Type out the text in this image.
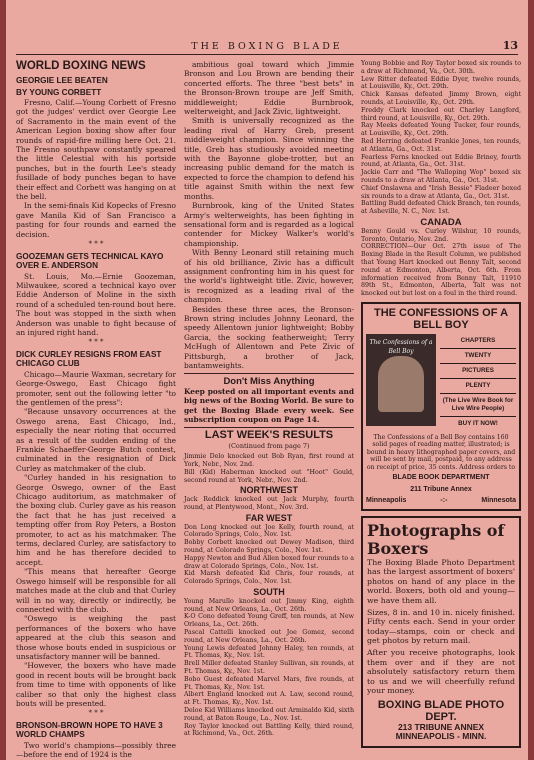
THE BOXING BLADE	13
WORLD BOXING NEWS
GEORGIE LEE BEATEN
BY YOUNG CORBETT

Fresno, Calif.—Young Corbett of Fresno got the judges' verdict over Georgie Lee of Sacramento in the main event of the American Legion boxing show after four rounds of rapid-fire milling here Oct. 21. The Fresno southpaw constantly speared the little Celestial with his portside punches, but in the fourth Lee's steady fusillade of body punches began to have their effect and Corbett was hanging on at the bell.

In the semi-finals Kid Kopecks of Fresno gave Manila Kid of San Francisco a pasting for four rounds and earned the decision.

* * *
GOOZEMAN GETS TECHNICAL KAYO OVER E. ANDERSON

St. Louis, Mo.—Ernie Goozeman, Milwaukee, scored a technical kayo over Eddie Anderson of Moline in the sixth round of a scheduled ten-round bout here. The bout was stopped in the sixth when Anderson was unable to fight because of an injured right hand.

* * *
DICK CURLEY RESIGNS FROM EAST CHICAGO CLUB

Chicago—Maurie Waxman, secretary for George-Oswego, East Chicago fight promoter, sent out the following letter "to the gentlemen of the press":

"Because unsavory occurrences at the Oswego arena, East Chicago, Ind., especially the near rioting that occurred as a result of the sudden ending of the Frankie Schaeffer-George Butch contest, culminated in the resignation of Dick Curley as matchmaker of the club.

"Curley handed in his resignation to George Oswego, owner of the East Chicago auditorium, as matchmaker of the boxing club. Curley gave as his reason the fact that he has just received a tempting offer from Roy Peters, a Boston promoter, to act as his matchmaker. The terms, declared Curley, are satisfactory to him and he has therefore decided to accept.

"This means that hereafter George Oswego himself will be responsible for all matches made at the club and that Curley will in no way, directly or indirectly, be connected with the club.

"Oswego is weighing the past performances of the boxers who have appeared at the club this season and those whose bouts ended in suspicious or unsatisfactory manner will be banned.

"However, the boxers who have made good in recent bouts will be brought back from time to time with opponents of like caliber so that only the highest class bouts will be presented.

* * *
BRONSON-BROWN HOPE TO HAVE 3 WORLD CHAMPS

Two world's champions—possibly three—before the end of 1924 is the

ambitious goal toward which Jimmie Bronson and Lou Brown are bending their concerted efforts. The three "best bets" in the Bronson-Brown troupe are Jeff Smith, middleweight; Eddie Burnbrook, welterweight, and Jack Zivic, lightweight.

Smith is universally recognized as the leading rival of Harry Greb, present middleweight champion. Since winning the title, Greb has studiously avoided meeting with the Bayonne globe-trotter, but an increasing public demand for the match is expected to force the champion to defend his title against Smith within the next few months.

Burnbrook, king of the United States Army's welterweights, has been fighting in sensational form and is regarded as a logical contender for Mickey Walker's world's championship.

With Benny Leonard still retaining much of his old brilliance, Zivic has a difficult assignment confronting him in his quest for the world's lightweight title. Zivic, however, is recognized as a leading rival of the champion.

Besides these three aces, the Bronson-Brown string includes Johnny Leonard, the speedy Allentown junior lightweight; Bobby Garcia, the socking featherweight; Terry McHugh of Allentown and Pete Zivic of Pittsburgh, a brother of Jack, bantamweights.

Don't Miss Anything

Keep posted on all important events and big news of the Boxing World. Be sure to get the Boxing Blade every week. See subscription coupon on Page 14.

LAST WEEK'S RESULTS
(Continued from page 7)

Jimmie Delo knocked out Bob Ryan, first round at York, Nebr., Nov. 2nd.

Bill (Kid) Haberman knocked out "Hoot" Gould, second round at York, Nebr., Nov. 2nd.

NORTHWEST

Jack Reddick knocked out Jack Murphy, fourth round, at Plentywood, Mont., Nov. 3rd.

FAR WEST

Don Long knocked out Joe Kelly, fourth round, at Colorado Springs, Colo., Nov. 1st.

Bobby Corbett knocked out Dewey Madison, third round, at Colorado Springs, Colo., Nov. 1st.

Happy Newton and Bud Allen boxed four rounds to a draw at Colorado Springs, Colo., Nov. 1st.

Kid Marsh defeated Kid Chris, four rounds, at Colorado Springs, Colo., Nov. 1st.

SOUTH

Young Marullo knocked out Jimmy King, eighth round, at New Orleans, La., Oct. 26th.

K-O Cono defeated Young Greff, ten rounds, at New Orleans, La., Oct. 26th.

Pascal Cattelli knocked out Joe Gomez, second round, at New Orleans, La., Oct. 26th.

Young Lewis defeated Johnny Haley, ten rounds, at Ft. Thomas, Ky., Nov. 1st.

Brell Miller defeated Stanley Sullivan, six rounds, at Ft. Thomas, Ky., Nov. 1st.

Bobo Guest defeated Marvel Mars, five rounds, at Ft. Thomas, Ky., Nov. 1st.

Albert England knocked out A. Law, second round, at Ft. Thomas, Ky., Nov. 1st.

Deloe Kid Williams knocked out Arminaldo Kid, sixth round, at Baton Rouge, La., Nov. 1st.

Roy Taylor knocked out Battling Kelly, third round, at Richmond, Va., Oct. 26th.

Young Bobbie and Roy Taylor boxed six rounds to a draw at Richmond, Va., Oct. 30th.

Lew Ritter defeated Eddie Dyer, twelve rounds, at Louisville, Ky., Oct. 29th.

Chick Kansas defeated Jimmy Brown, eight rounds, at Louisville, Ky., Oct. 29th.

Freddy Clark knocked out Charley Langford, third round, at Louisville, Ky., Oct. 29th.

Ray Meeks defeated Young Tucker, four rounds, at Louisville, Ky., Oct. 29th.

Red Herring defeated Frankie Jones, ten rounds, at Atlanta, Ga., Oct. 31st.

Fearless Ferns knocked out Eddie Briney, fourth round, at Atlanta, Ga., Oct. 31st.

Jackie Carr and "The Walloping Wop" boxed six rounds to a draw at Atlanta, Ga., Oct. 31st.

Chief Onslawna and "Irish Bessie" Fladeer boxed six rounds to a draw at Atlanta, Ga., Oct. 31st.

Battling Budd defeated Chick Branch, ten rounds, at Asheville, N. C., Nov. 1st.

CANADA

Benny Gould vs. Curley Wilshur, 10 rounds, Toronto, Ontario, Nov. 2nd.

CORRECTION—Our Oct. 27th issue of The Boxing Blade in the Result Column, we published that Young Hart knocked out Benny Talt, second round at Edmonton, Alberta, Oct. 6th. From information received from Benny Talt, 11910 89th St., Edmonton, Alberta, Talt was not knocked out but lost on a foul in the third round.

THE CONFESSIONS OF A BELL BOY
The Confessions of a Bell Boy
CHAPTERS
TWENTY
PICTURES
PLENTY
(The Live Wire Book for Live Wire People)
BUY IT NOW!
The Confessions of a Bell Boy contains 160 solid pages of reading matter, illustrated; is bound in heavy lithographed paper covers, and will be sent by mail, postpaid, to any address on receipt of price, 35 cents. Address orders to
BLADE BOOK DEPARTMENT
211 Tribune Annex
Minneapolis	-:-	Minnesota
Photographs of Boxers

The Boxing Blade Photo Department has the largest assortment of boxers' photos on hand of any place in the world. Boxers, both old and young—we have them all.

Sizes, 8 in. and 10 in. nicely finished. Fifty cents each. Send in your order today—stamps, coin or check and get photos by return mail.

After you receive photographs, look them over and if they are not absolutely satisfactory return them to us and we will cheerfully refund your money.

BOXING BLADE PHOTO DEPT.
213 TRIBUNE ANNEX
MINNEAPOLIS - MINN.
